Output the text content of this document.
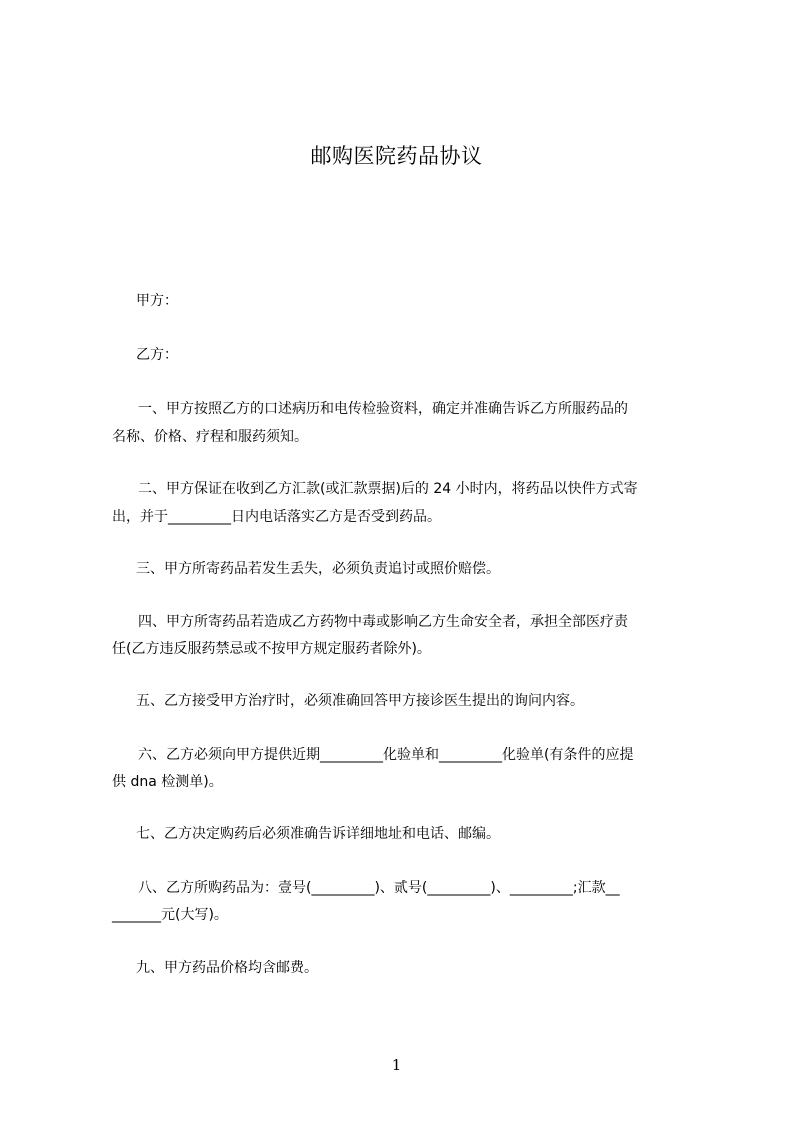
邮购医院药品协议

甲方：

乙方：

一、甲方按照乙方的口述病历和电传检验资料，确定并准确告诉乙方所服药品的

名称、价格、疗程和服药须知。

二、甲方保证在收到乙方汇款(或汇款票据)后的 24 小时内，将药品以快件方式寄

出，并于_________日内电话落实乙方是否受到药品。

三、甲方所寄药品若发生丢失，必须负责追讨或照价赔偿。

四、甲方所寄药品若造成乙方药物中毒或影响乙方生命安全者，承担全部医疗责

任(乙方违反服药禁忌或不按甲方规定服药者除外)。

五、乙方接受甲方治疗时，必须准确回答甲方接诊医生提出的询问内容。

六、乙方必须向甲方提供近期_________化验单和_________化验单(有条件的应提

供 dna 检测单)。

七、乙方决定购药后必须准确告诉详细地址和电话、邮编。

八、乙方所购药品为：壹号(_________)、贰号(_________)、_________;汇款__

_______元(大写)。

九、甲方药品价格均含邮费。

1
